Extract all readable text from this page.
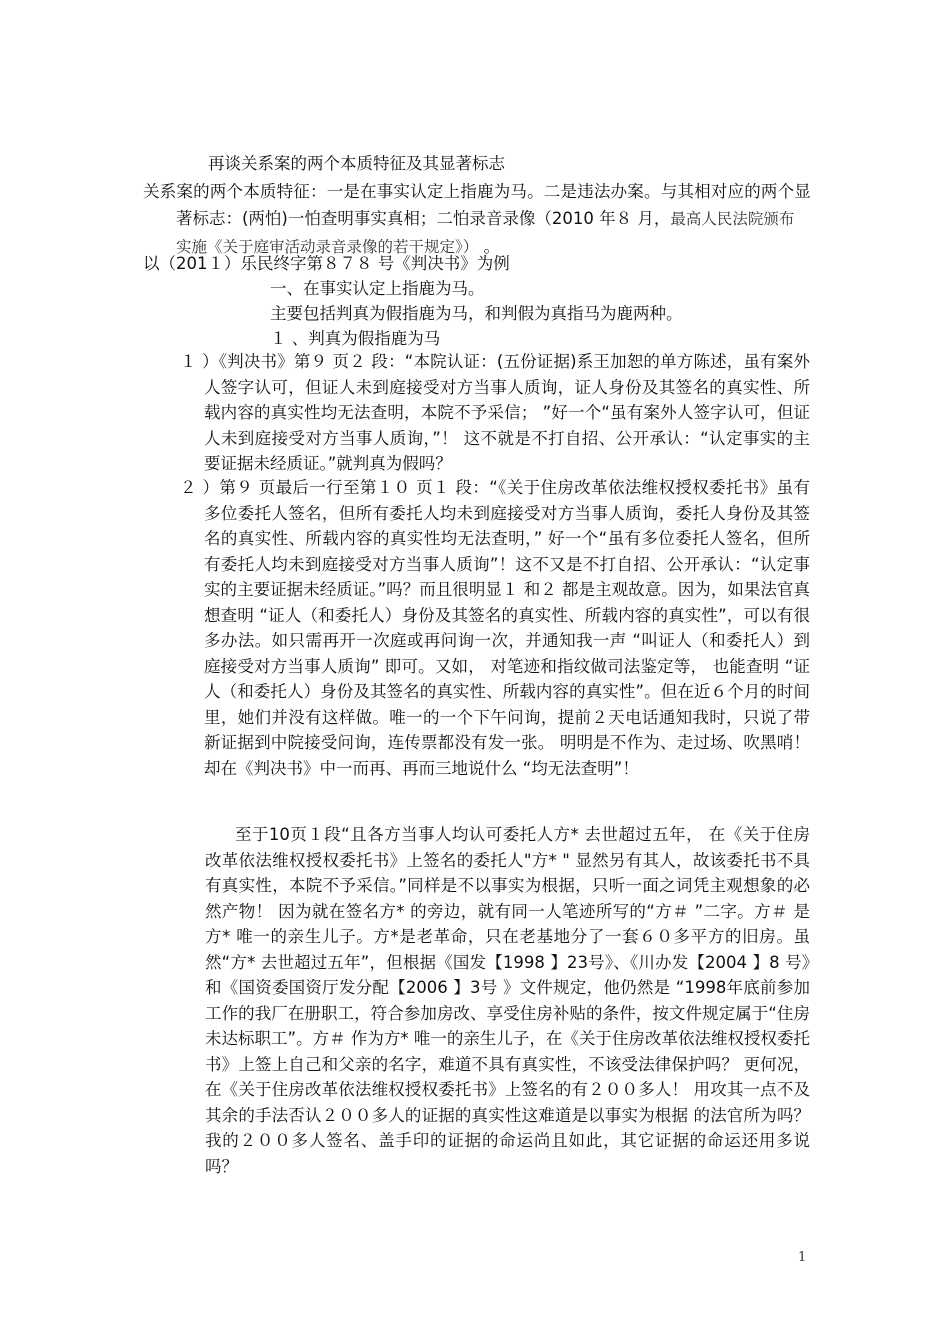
再谈关系案的两个本质特征及其显著标志
关系案的两个本质特征：一是在事实认定上指鹿为马。二是违法办案。与其相对应的两个显
著标志：(两怕)一怕查明事实真相；二怕录音录像（2010 年８ 月，最高人民法院颁布
实施《关于庭审活动录音录像的若干规定》） 。
以（201１）乐民终字第８７８ 号《判决书》为例
一、在事实认定上指鹿为马。
主要包括判真为假指鹿为马，和判假为真指马为鹿两种。
１ 、判真为假指鹿为马
１ ）《判决书》第９ 页２ 段：“本院认证：(五份证据)系王加恕的单方陈述，虽有案外人签字认可，但证人未到庭接受对方当事人质询，证人身份及其签名的真实性、所载内容的真实性均无法查明，本院不予采信； ”好一个“虽有案外人签字认可，但证人未到庭接受对方当事人质询，”！ 这不就是不打自招、公开承认：“认定事实的主要证据未经质证。”就判真为假吗？
２ ）第９ 页最后一行至第１０ 页１ 段：“《关于住房改革依法维权授权委托书》虽有多位委托人签名，但所有委托人均未到庭接受对方当事人质询，委托人身份及其签名的真实性、所载内容的真实性均无法查明，” 好一个“虽有多位委托人签名，但所有委托人均未到庭接受对方当事人质询”！这不又是不打自招、公开承认：“认定事实的主要证据未经质证。”吗？而且很明显１ 和２ 都是主观故意。因为，如果法官真想查明 “证人（和委托人）身份及其签名的真实性、所载内容的真实性”，可以有很多办法。如只需再开一次庭或再问询一次，并通知我一声 “叫证人（和委托人）到庭接受对方当事人质询” 即可。又如， 对笔迹和指纹做司法鉴定等， 也能查明 “证人（和委托人）身份及其签名的真实性、所载内容的真实性”。但在近６个月的时间里，她们并没有这样做。唯一的一个下午问询，提前２天电话通知我时，只说了带新证据到中院接受问询，连传票都没有发一张。 明明是不作为、走过场、吹黑哨！却在《判决书》中一而再、再而三地说什么 “均无法查明”！
至于10页１段“且各方当事人均认可委托人方* 去世超过五年， 在《关于住房改革依法维权授权委托书》上签名的委托人"方* " 显然另有其人，故该委托书不具有真实性，本院不予采信。”同样是不以事实为根据，只听一面之词凭主观想象的必然产物！ 因为就在签名方* 的旁边，就有同一人笔迹所写的“方＃ ”二字。方＃ 是方* 唯一的亲生儿子。方*是老革命，只在老基地分了一套６０多平方的旧房。虽然“方* 去世超过五年”，但根据《国发【1998 】23号》、《川办发【2004 】8 号》和《国资委国资厅发分配【2006 】3号 》文件规定，他仍然是 “1998年底前参加工作的我厂在册职工，符合参加房改、享受住房补贴的条件，按文件规定属于“住房未达标职工”。方＃ 作为方* 唯一的亲生儿子，在《关于住房改革依法维权授权委托书》上签上自己和父亲的名字，难道不具有真实性，不该受法律保护吗？ 更何况，在《关于住房改革依法维权授权委托书》上签名的有２００多人！ 用攻其一点不及其余的手法否认２００多人的证据的真实性这难道是以事实为根据 的法官所为吗？ 我的２００多人签名、盖手印的证据的命运尚且如此，其它证据的命运还用多说吗？
1
